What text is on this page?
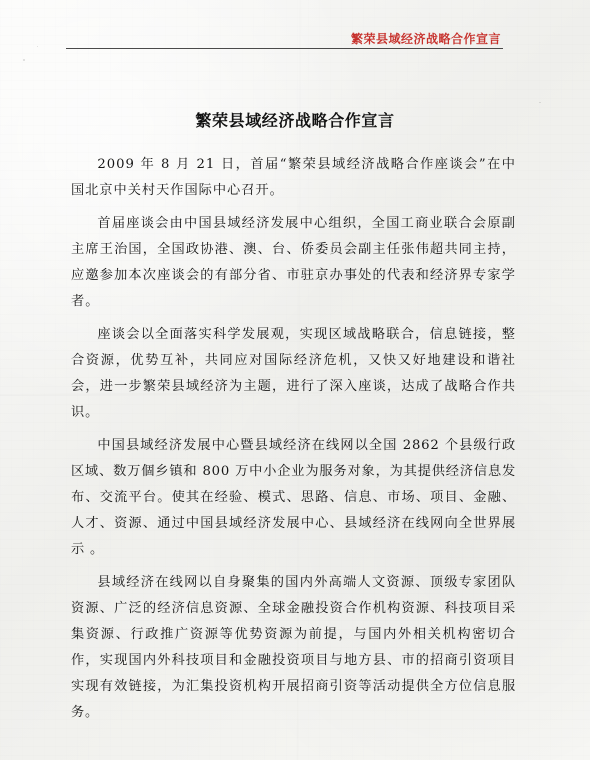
繁荣县域经济战略合作宣言
繁荣县域经济战略合作宣言

2009 年 8 月 21 日，首届“繁荣县域经济战略合作座谈会”在中国北京中关村天作国际中心召开。

首届座谈会由中国县域经济发展中心组织，全国工商业联合会原副主席王治国，全国政协港、澳、台、侨委员会副主任张伟超共同主持，应邀参加本次座谈会的有部分省、市驻京办事处的代表和经济界专家学者。

座谈会以全面落实科学发展观，实现区域战略联合，信息链接，整合资源，优势互补，共同应对国际经济危机，又快又好地建设和谐社会，进一步繁荣县域经济为主题，进行了深入座谈，达成了战略合作共识。

中国县域经济发展中心暨县域经济在线网以全国 2862 个县级行政区域、数万個乡镇和 800 万中小企业为服务对象，为其提供经济信息发布、交流平台。使其在经验、模式、思路、信息、市场、项目、金融、人才、资源、通过中国县域经济发展中心、县域经济在线网向全世界展示 。

县域经济在线网以自身聚集的国内外高端人文资源、顶级专家团队资源、广泛的经济信息资源、全球金融投资合作机构资源、科技项目采集资源、行政推广资源等优势资源为前提，与国内外相关机构密切合作，实现国内外科技项目和金融投资项目与地方县、市的招商引资项目实现有效链接，为汇集投资机构开展招商引资等活动提供全方位信息服务。
